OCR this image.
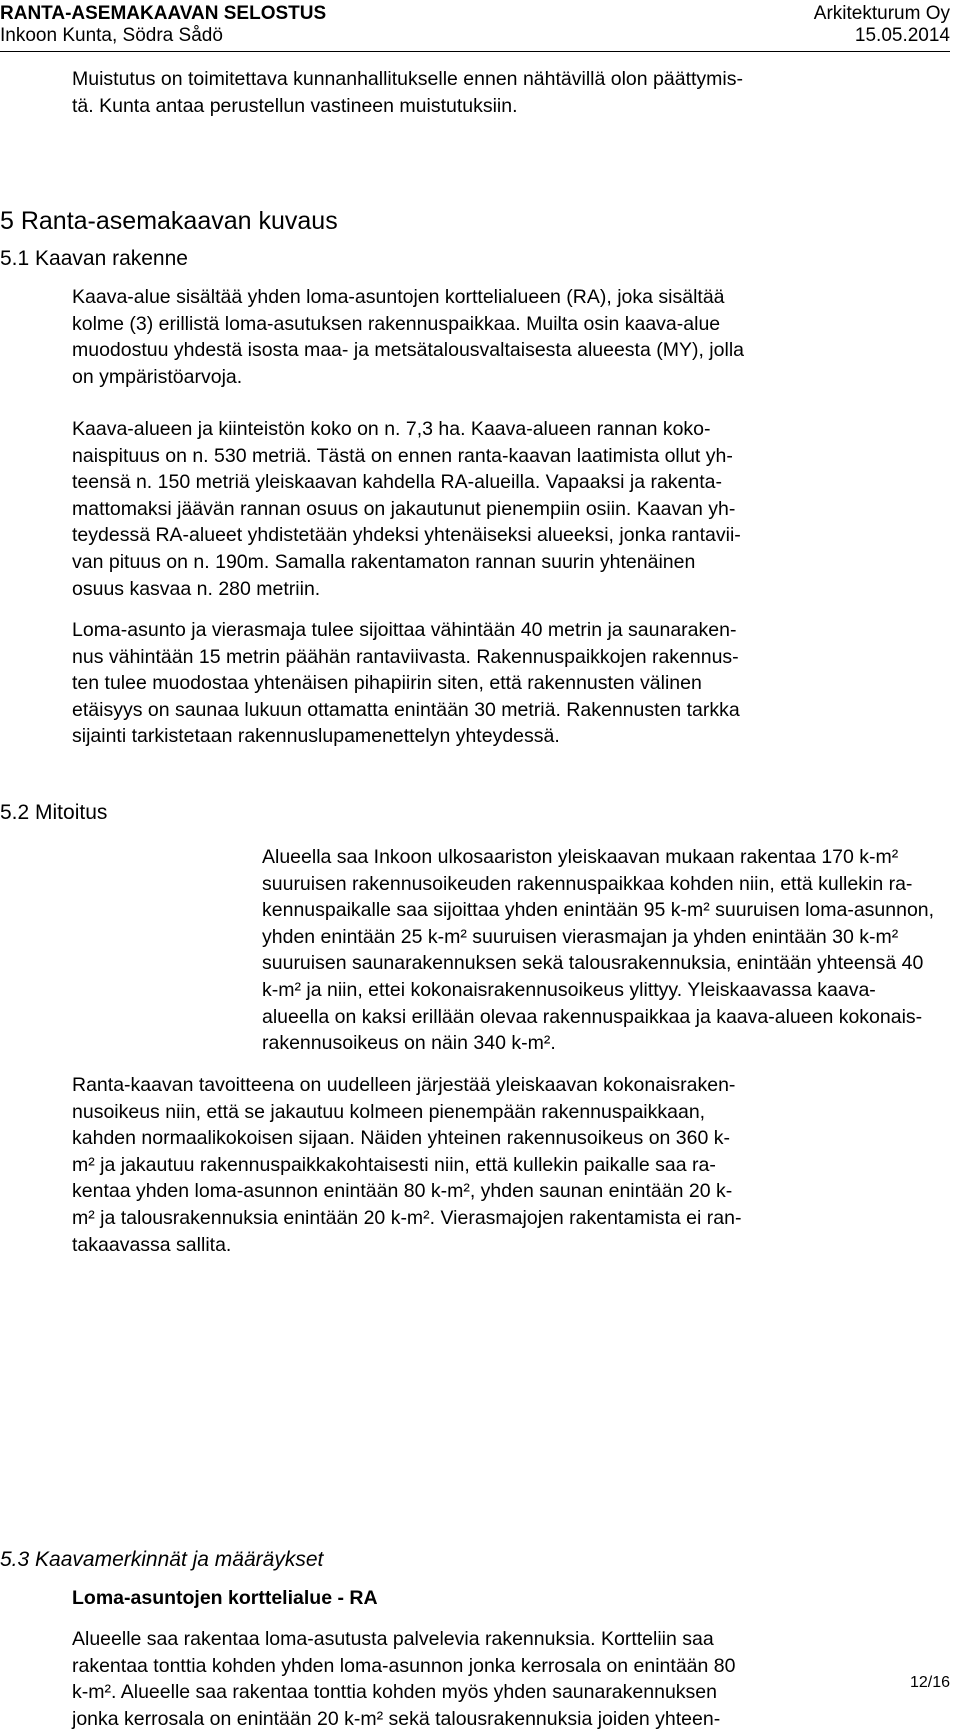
RANTA-ASEMAKAAVAN SELOSTUS
Inkoon Kunta, Södra Sådö
Arkitekturum Oy
15.05.2014
Muistutus on toimitettava kunnanhallitukselle ennen nähtävillä olon päättymis-
tä. Kunta antaa perustellun vastineen muistutuksiin.
5 Ranta-asemakaavan kuvaus
5.1 Kaavan rakenne
Kaava-alue sisältää yhden loma-asuntojen korttelialueen (RA), joka sisältää
kolme (3) erillistä loma-asutuksen rakennuspaikkaa. Muilta osin kaava-alue
muodostuu yhdestä isosta maa- ja metsätalousvaltaisesta alueesta (MY), jolla
on ympäristöarvoja.
Kaava-alueen ja kiinteistön koko on n. 7,3 ha. Kaava-alueen rannan koko-
naispituus on n. 530 metriä. Tästä on ennen ranta-kaavan laatimista ollut yh-
teensä n. 150 metriä yleiskaavan kahdella RA-alueilla. Vapaaksi ja rakenta-
mattomaksi jäävän rannan osuus on jakautunut pienempiin osiin. Kaavan yh-
teydessä RA-alueet yhdistetään yhdeksi yhtenäiseksi alueeksi, jonka rantavii-
van pituus on n. 190m. Samalla rakentamaton rannan suurin yhtenäinen
osuus kasvaa n. 280 metriin.
Loma-asunto ja vierasmaja tulee sijoittaa vähintään 40 metrin ja saunaraken-
nus vähintään 15 metrin päähän rantaviivasta. Rakennuspaikkojen rakennus-
ten tulee muodostaa yhtenäisen pihapiirin siten, että rakennusten välinen
etäisyys on saunaa lukuun ottamatta enintään 30 metriä. Rakennusten tarkka
sijainti tarkistetaan rakennuslupamenettelyn yhteydessä.
5.2 Mitoitus
Alueella saa Inkoon ulkosaariston yleiskaavan mukaan rakentaa 170 k-m²
suuruisen rakennusoikeuden rakennuspaikkaa kohden niin, että kullekin ra-
kennuspaikalle saa sijoittaa yhden enintään 95 k-m² suuruisen loma-asunnon,
yhden enintään 25 k-m² suuruisen vierasmajan ja yhden enintään 30 k-m²
suuruisen saunarakennuksen sekä talousrakennuksia, enintään yhteensä 40
k-m² ja niin, ettei kokonaisrakennusoikeus ylittyy. Yleiskaavassa kaava-
alueella on kaksi erillään olevaa rakennuspaikkaa ja kaava-alueen kokonais-
rakennusoikeus on näin 340 k-m².
Ranta-kaavan tavoitteena on uudelleen järjestää yleiskaavan kokonaisraken-
nusoikeus niin, että se jakautuu kolmeen pienempään rakennuspaikkaan,
kahden normaalikokoisen sijaan. Näiden yhteinen rakennusoikeus on 360 k-
m² ja jakautuu rakennuspaikkakohtaisesti niin, että kullekin paikalle saa ra-
kentaa yhden loma-asunnon enintään 80 k-m², yhden saunan enintään 20 k-
m² ja talousrakennuksia enintään 20 k-m². Vierasmajojen rakentamista ei ran-
takaavassa sallita.
5.3 Kaavamerkinnät ja määräykset
Loma-asuntojen korttelialue - RA
Alueelle saa rakentaa loma-asutusta palvelevia rakennuksia. Kortteliin saa
rakentaa tonttia kohden yhden loma-asunnon jonka kerrosala on enintään 80
k-m². Alueelle saa rakentaa tonttia kohden myös yhden saunarakennuksen
jonka kerrosala on enintään 20 k-m² sekä talousrakennuksia joiden yhteen-
12/16
